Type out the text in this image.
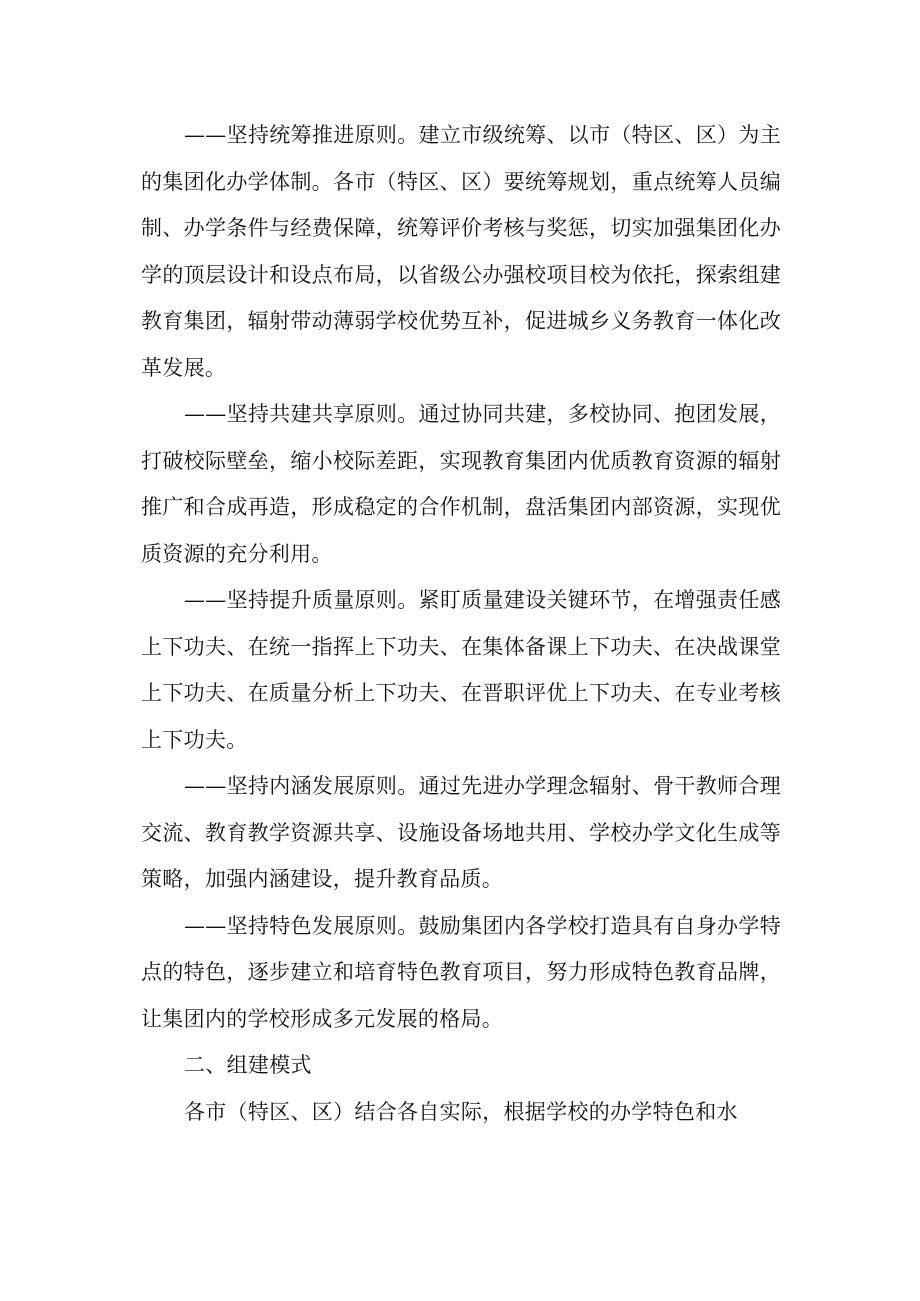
——坚持统筹推进原则。建立市级统筹、以市（特区、区）为主的集团化办学体制。各市（特区、区）要统筹规划，重点统筹人员编制、办学条件与经费保障，统筹评价考核与奖惩，切实加强集团化办学的顶层设计和设点布局，以省级公办强校项目校为依托，探索组建教育集团，辐射带动薄弱学校优势互补，促进城乡义务教育一体化改革发展。

——坚持共建共享原则。通过协同共建，多校协同、抱团发展，打破校际壁垒，缩小校际差距，实现教育集团内优质教育资源的辐射推广和合成再造，形成稳定的合作机制，盘活集团内部资源，实现优质资源的充分利用。

——坚持提升质量原则。紧盯质量建设关键环节，在增强责任感上下功夫、在统一指挥上下功夫、在集体备课上下功夫、在决战课堂上下功夫、在质量分析上下功夫、在晋职评优上下功夫、在专业考核上下功夫。

——坚持内涵发展原则。通过先进办学理念辐射、骨干教师合理交流、教育教学资源共享、设施设备场地共用、学校办学文化生成等策略，加强内涵建设，提升教育品质。

——坚持特色发展原则。鼓励集团内各学校打造具有自身办学特点的特色，逐步建立和培育特色教育项目，努力形成特色教育品牌，让集团内的学校形成多元发展的格局。

二、组建模式

各市（特区、区）结合各自实际，根据学校的办学特色和水
